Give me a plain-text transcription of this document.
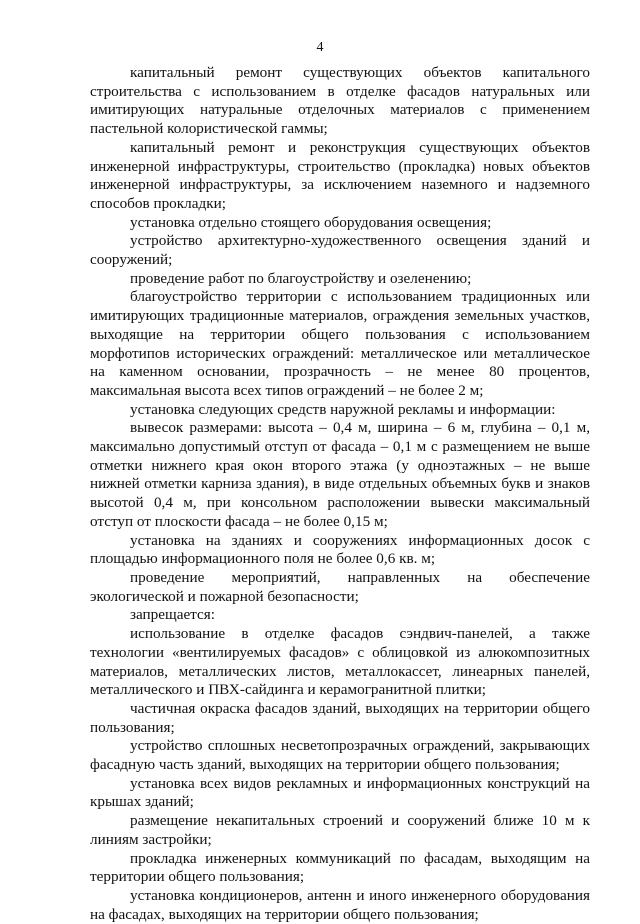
4

капитальный ремонт существующих объектов капитального строительства с использованием в отделке фасадов натуральных или имитирующих натуральные отделочных материалов с применением пастельной колористической гаммы;

капитальный ремонт и реконструкция существующих объектов инженерной инфраструктуры, строительство (прокладка) новых объектов инженерной инфраструктуры, за исключением наземного и надземного способов прокладки;

установка отдельно стоящего оборудования освещения;

устройство архитектурно-художественного освещения зданий и сооружений;

проведение работ по благоустройству и озеленению;

благоустройство территории с использованием традиционных или имитирующих традиционные материалов, ограждения земельных участков, выходящие на территории общего пользования с использованием морфотипов исторических ограждений: металлическое или металлическое на каменном основании, прозрачность – не менее 80 процентов, максимальная высота всех типов ограждений – не более 2 м;

установка следующих средств наружной рекламы и информации:

вывесок размерами: высота – 0,4 м, ширина – 6 м, глубина – 0,1 м, максимально допустимый отступ от фасада – 0,1 м с размещением не выше отметки нижнего края окон второго этажа (у одноэтажных – не выше нижней отметки карниза здания), в виде отдельных объемных букв и знаков высотой 0,4 м, при консольном расположении вывески максимальный отступ от плоскости фасада – не более 0,15 м;

установка на зданиях и сооружениях информационных досок с площадью информационного поля не более 0,6 кв. м;

проведение мероприятий, направленных на обеспечение экологической и пожарной безопасности;

запрещается:

использование в отделке фасадов сэндвич-панелей, а также технологии «вентилируемых фасадов» с облицовкой из алюкомпозитных материалов, металлических листов, металлокассет, линеарных панелей, металлического и ПВХ-сайдинга и керамогранитной плитки;

частичная окраска фасадов зданий, выходящих на территории общего пользования;

устройство сплошных несветопрозрачных ограждений, закрывающих фасадную часть зданий, выходящих на территории общего пользования;

установка всех видов рекламных и информационных конструкций на крышах зданий;

размещение некапитальных строений и сооружений ближе 10 м к линиям застройки;

прокладка инженерных коммуникаций по фасадам, выходящим на территории общего пользования;

установка кондиционеров, антенн и иного инженерного оборудования на фасадах, выходящих на территории общего пользования;
